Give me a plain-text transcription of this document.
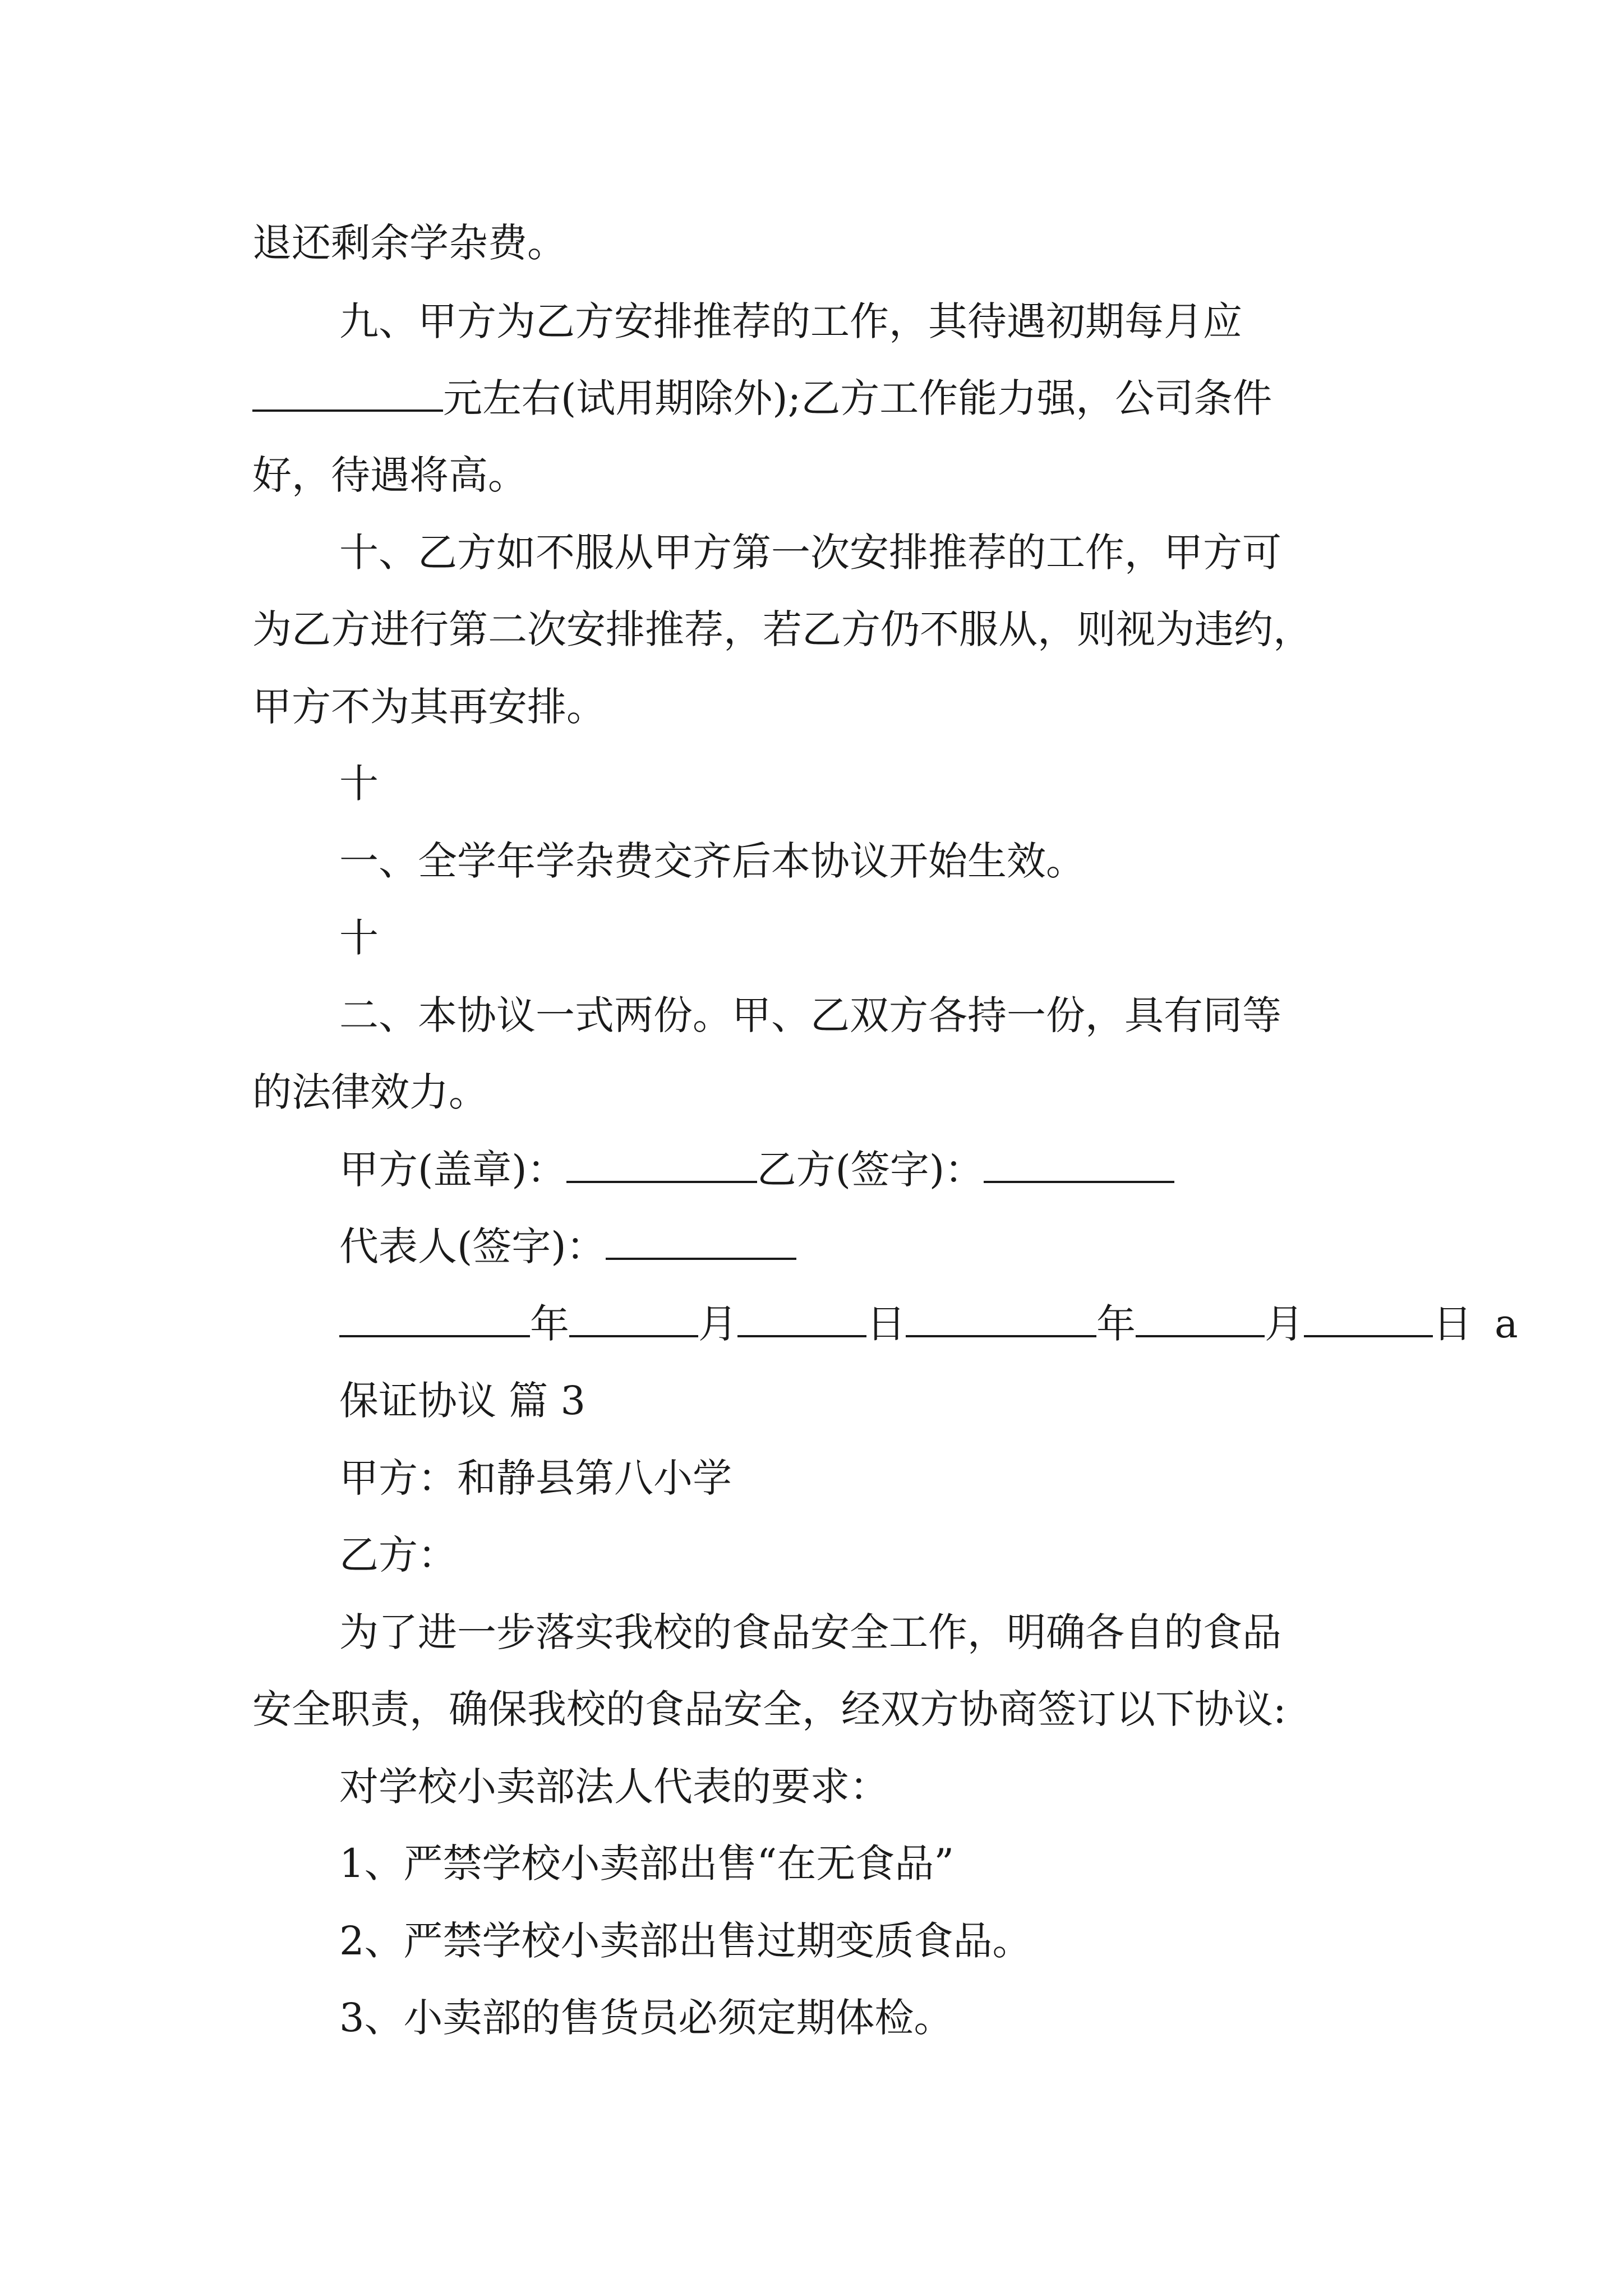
退还剩余学杂费。
九、甲方为乙方安排推荐的工作，其待遇初期每月应
元左右(试用期除外);乙方工作能力强，公司条件
好，待遇将高。
十、乙方如不服从甲方第一次安排推荐的工作，甲方可
为乙方进行第二次安排推荐，若乙方仍不服从，则视为违约，
甲方不为其再安排。
十
一、全学年学杂费交齐后本协议开始生效。
十
二、本协议一式两份。甲、乙双方各持一份，具有同等
的法律效力。
甲方(盖章)：	乙方(签字)：
代表人(签字)：
年	月	日	年	月	日 a
保证协议 篇 3
甲方：和静县第八小学
乙方：
为了进一步落实我校的食品安全工作，明确各自的食品
安全职责，确保我校的食品安全，经双方协商签订以下协议:
对学校小卖部法人代表的要求：
1、严禁学校小卖部出售“在无食品”
2、严禁学校小卖部出售过期变质食品。
3、小卖部的售货员必须定期体检。
